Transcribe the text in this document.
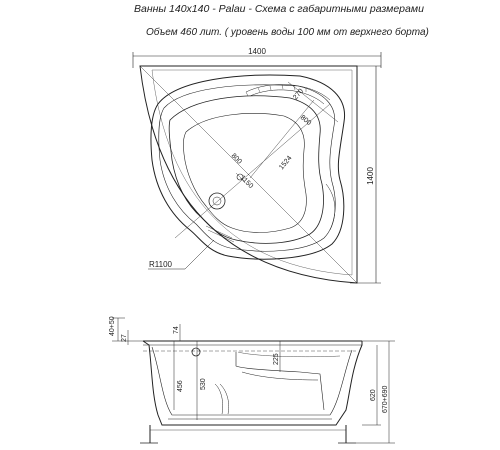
Ванны 140х140 - Palau - Схема с габаритными размерами
Объем 460 лит. ( уровень воды 100 мм от верхнего борта)
1400
1400
R1100
270
800
800	1524
1150
40+50
27
74
225
456 530
620 670+690
